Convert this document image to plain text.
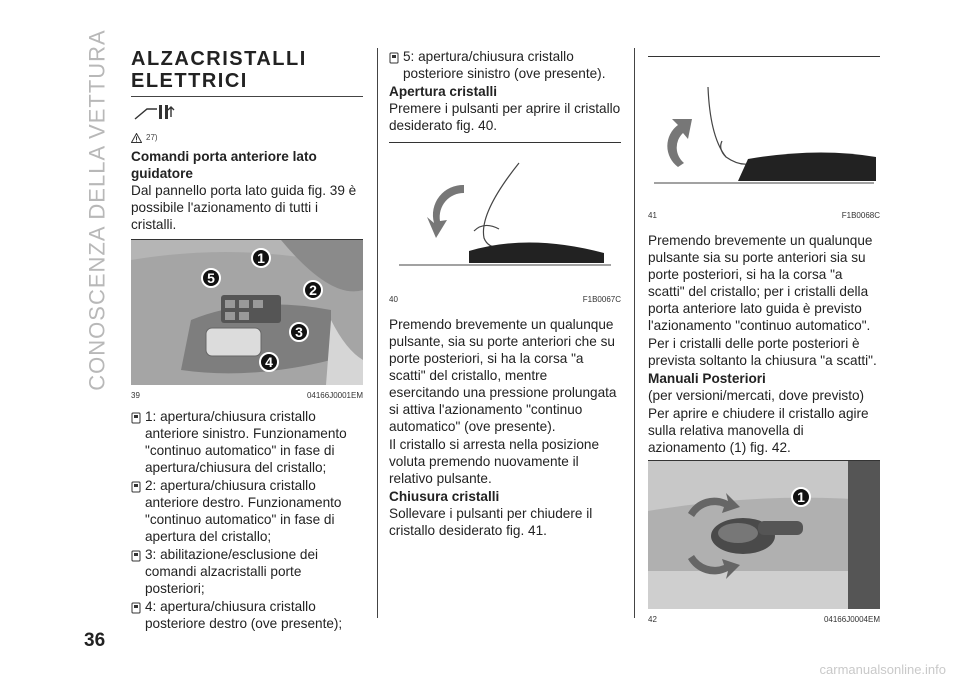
CONOSCENZA DELLA VETTURA ALZACRISTALLI
ELETTRICI
27)
Comandi porta anteriore lato guidatore

Dal pannello porta lato guida fig. 39 è possibile l'azionamento di tutti i cristalli.

1
2
3
4
5
39	04166J0001EM

1: apertura/chiusura cristallo anteriore sinistro. Funzionamento "continuo automatico" in fase di apertura/chiusura del cristallo;

2: apertura/chiusura cristallo anteriore destro. Funzionamento "continuo automatico" in fase di apertura del cristallo;

3: abilitazione/esclusione dei comandi alzacristalli porte posteriori;

4: apertura/chiusura cristallo posteriore destro (ove presente);

5: apertura/chiusura cristallo posteriore sinistro (ove presente).

Apertura cristalli

Premere i pulsanti per aprire il cristallo desiderato fig. 40.

40	F1B0067C

Premendo brevemente un qualunque pulsante, sia su porte anteriori che su porte posteriori, si ha la corsa "a scatti" del cristallo, mentre esercitando una pressione prolungata si attiva l'azionamento "continuo automatico" (ove presente).

Il cristallo si arresta nella posizione voluta premendo nuovamente il relativo pulsante.

Chiusura cristalli

Sollevare i pulsanti per chiudere il cristallo desiderato fig. 41.

41	F1B0068C

Premendo brevemente un qualunque pulsante sia su porte anteriori sia su porte posteriori, si ha la corsa "a scatti" del cristallo; per i cristalli della porta anteriore lato guida è previsto l'azionamento "continuo automatico".

Per i cristalli delle porte posteriori è prevista soltanto la chiusura "a scatti".

Manuali Posteriori

(per versioni/mercati, dove previsto)

Per aprire e chiudere il cristallo agire sulla relativa manovella di azionamento (1) fig. 42.

1
42	04166J0004EM
36
carmanualsonline.info
